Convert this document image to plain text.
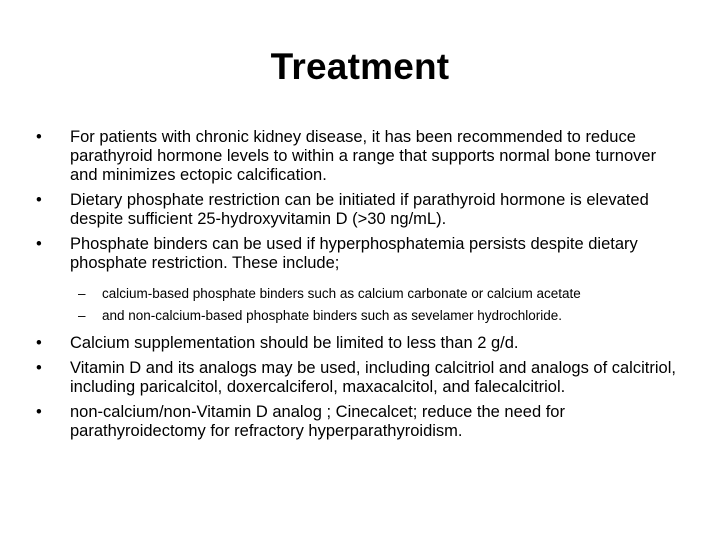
Treatment
•	For patients with chronic kidney disease, it has been recommended to reduce parathyroid hormone levels to within a range that supports normal bone turnover and minimizes ectopic calcification.
•	Dietary phosphate restriction can be initiated if parathyroid hormone is elevated despite sufficient 25-hydroxyvitamin D (>30 ng/mL).
•	Phosphate binders can be used if hyperphosphatemia persists despite dietary phosphate restriction. These include;
– calcium-based phosphate binders such as calcium carbonate or calcium acetate
– and non-calcium-based phosphate binders such as sevelamer hydrochloride.
•	Calcium supplementation should be limited to less than 2 g/d.
•	Vitamin D and its analogs may be used, including calcitriol and analogs of calcitriol, including paricalcitol, doxercalciferol, maxacalcitol, and falecalcitriol.
•	non-calcium/non-Vitamin D analog ; Cinecalcet; reduce the need for parathyroidectomy for refractory hyperparathyroidism.
